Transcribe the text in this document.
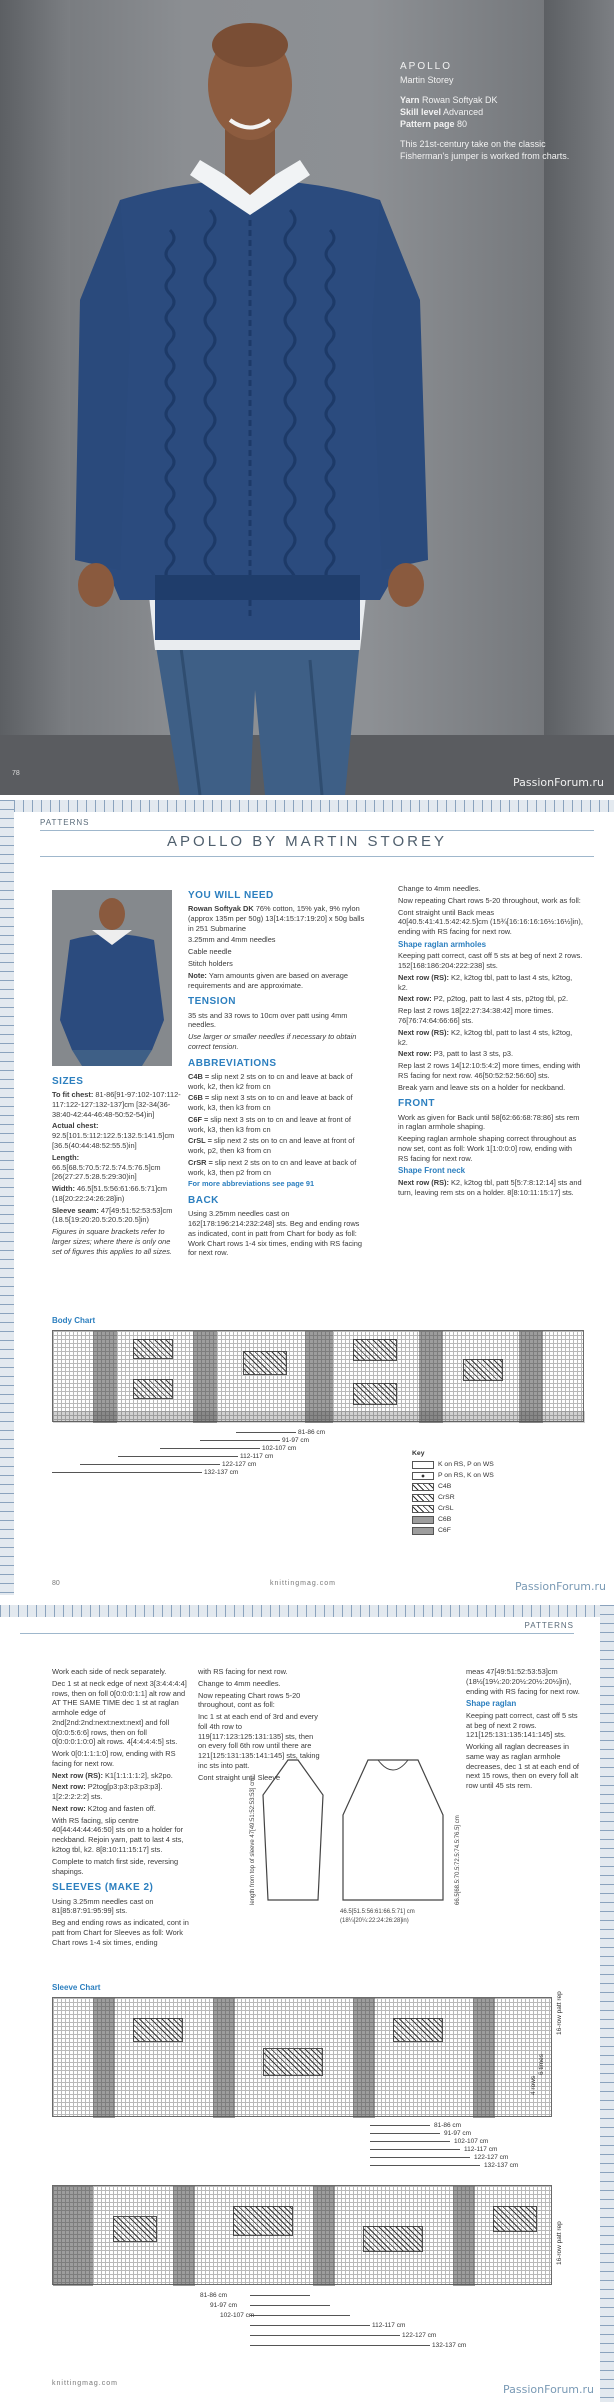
APOLLO
Martin Storey
Yarn Rowan Softyak DK
Skill level Advanced
Pattern page 80
This 21st-century take on the classic Fisherman's jumper is worked from charts.
78
PassionForum.ru
PATTERNS
APOLLO BY MARTIN STOREY
SIZES

To fit chest: 81-86[91-97:102-107:112-117:122-127:132-137]cm [32-34(36-38:40-42:44-46:48-50:52-54)in]

Actual chest: 92.5[101.5:112:122.5:132.5:141.5]cm [36.5(40:44:48:52:55.5)in]

Length: 66.5[68.5:70.5:72.5:74.5:76.5]cm [26(27:27.5:28.5:29:30)in]

Width: 46.5[51.5:56:61:66.5:71]cm (18[20:22:24:26:28]in)

Sleeve seam: 47[49:51:52:53:53]cm (18.5[19:20:20.5:20.5:20.5]in)

Figures in square brackets refer to larger sizes; where there is only one set of figures this applies to all sizes.

YOU WILL NEED

Rowan Softyak DK 76% cotton, 15% yak, 9% nylon (approx 135m per 50g) 13[14:15:17:19:20] x 50g balls in 251 Submarine

3.25mm and 4mm needles

Cable needle

Stitch holders

Note: Yarn amounts given are based on average requirements and are approximate.

TENSION

35 sts and 33 rows to 10cm over patt using 4mm needles.

Use larger or smaller needles if necessary to obtain correct tension.

ABBREVIATIONS

C4B = slip next 2 sts on to cn and leave at back of work, k2, then k2 from cn

C6B = slip next 3 sts on to cn and leave at back of work, k3, then k3 from cn

C6F = slip next 3 sts on to cn and leave at front of work, k3, then k3 from cn

CrSL = slip next 2 sts on to cn and leave at front of work, p2, then k3 from cn

CrSR = slip next 2 sts on to cn and leave at back of work, k3, then p2 from cn

For more abbreviations see page 91

BACK

Using 3.25mm needles cast on 162[178:196:214:232:248] sts. Beg and ending rows as indicated, cont in patt from Chart for body as foll: Work Chart rows 1-4 six times, ending with RS facing for next row.

Change to 4mm needles.

Now repeating Chart rows 5-20 throughout, work as foll:

Cont straight until Back meas 40[40.5:41:41.5:42:42.5]cm (15¾[16:16:16:16½:16½]in), ending with RS facing for next row.

Shape raglan armholes

Keeping patt correct, cast off 5 sts at beg of next 2 rows. 152[168:186:204:222:238] sts.

Next row (RS): K2, k2tog tbl, patt to last 4 sts, k2tog, k2.

Next row: P2, p2tog, patt to last 4 sts, p2tog tbl, p2.

Rep last 2 rows 18[22:27:34:38:42] more times. 76[76:74:64:66:66] sts.

Next row (RS): K2, k2tog tbl, patt to last 4 sts, k2tog, k2.

Next row: P3, patt to last 3 sts, p3.

Rep last 2 rows 14[12:10:5:4:2] more times, ending with RS facing for next row. 46[50:52:52:56:60] sts.

Break yarn and leave sts on a holder for neckband.

FRONT

Work as given for Back until 58[62:66:68:78:86] sts rem in raglan armhole shaping.

Keeping raglan armhole shaping correct throughout as now set, cont as foll: Work 1[1:0:0:0] row, ending with RS facing for next row.

Shape Front neck

Next row (RS): K2, k2tog tbl, patt 5[5:7:8:12:14] sts and turn, leaving rem sts on a holder. 8[8:10:11:15:17] sts.

Body Chart
81-86 cm
91-97 cm
102-107 cm
112-117 cm
122-127 cm
132-137 cm
Key
K on RS, P on WS
P on RS, K on WS
C4B
CrSR
CrSL
C6B
C6F
80	knittingmag.com	PassionForum.ru
PATTERNS

Work each side of neck separately.

Dec 1 st at neck edge of next 3[3:4:4:4:4] rows, then on foll 0[0:0:0:1:1] alt row and AT THE SAME TIME dec 1 st at raglan armhole edge of 2nd[2nd:2nd:next:next:next] and foll 0[0:0:5:6:6] rows, then on foll 0[0:0:0:1:0:0] alt rows. 4[4:4:4:4:5] sts.

Work 0[0:1:1:1:0] row, ending with RS facing for next row.

Next row (RS): K1[1:1:1:1:2], sk2po.

Next row: P2tog[p3:p3:p3:p3:p3]. 1[2:2:2:2:2] sts.

Next row: K2tog and fasten off.

With RS facing, slip centre 40[44:44:44:46:50] sts on to a holder for neckband. Rejoin yarn, patt to last 4 sts, k2tog tbl, k2. 8[8:10:11:15:17] sts.

Complete to match first side, reversing shapings.

SLEEVES (MAKE 2)

Using 3.25mm needles cast on 81[85:87:91:95:99] sts.

Beg and ending rows as indicated, cont in patt from Chart for Sleeves as foll: Work Chart rows 1-4 six times, ending

with RS facing for next row.

Change to 4mm needles.

Now repeating Chart rows 5-20 throughout, cont as foll:

Inc 1 st at each end of 3rd and every foll 4th row to 119[117:123:125:131:135] sts, then on every foll 6th row until there are 121[125:131:135:141:145] sts, taking inc sts into patt.

Cont straight until Sleeve

46.5[51.5:56:61:66.5:71] cm
(18¼[20¼:22:24:26:28]in)
66.5[68.5:70.5:72.5:74.5:76.5] cm
length from top of sleeve 47[49:51:52:53:53] cm

meas 47[49:51:52:53:53]cm (18½[19¼:20:20½:20½:20½]in), ending with RS facing for next row.

Shape raglan

Keeping patt correct, cast off 5 sts at beg of next 2 rows. 121[125:131:135:141:145] sts.

Working all raglan decreases in same way as raglan armhole decreases, dec 1 st at each end of next 15 rows, then on every foll alt row until 45 sts rem.

Sleeve Chart
16-row patt rep
6 times
4 rows
81-86 cm
91-97 cm
102-107 cm
112-117 cm
122-127 cm
132-137 cm
16-row patt rep
81-86 cm
91-97 cm
102-107 cm
112-117 cm
122-127 cm
132-137 cm
knittingmag.com	PassionForum.ru
